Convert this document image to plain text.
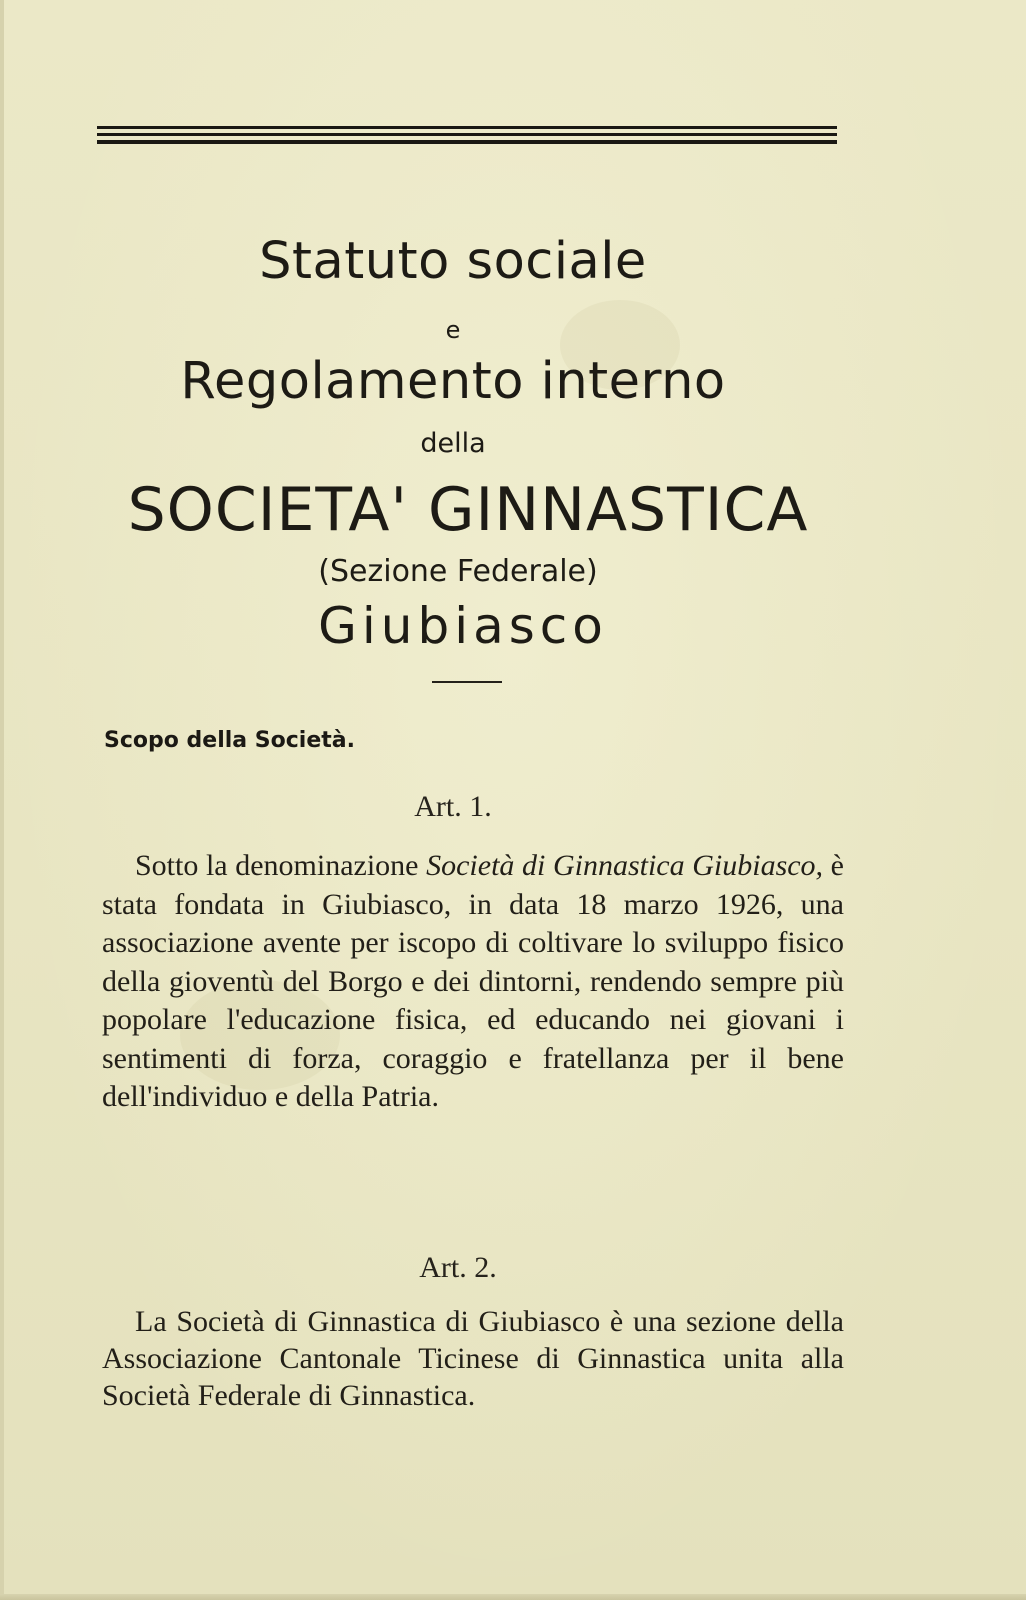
Statuto sociale
e
Regolamento interno
della
SOCIETA' GINNASTICA
(Sezione Federale)
Giubiasco
Scopo della Società.
Art. 1.
Sotto la denominazione Società di Ginnastica Giubiasco, è stata fondata in Giubiasco, in data 18 marzo 1926, una associazione avente per iscopo di coltivare lo sviluppo fisico della gioventù del Borgo e dei dintorni, rendendo sempre più popolare l'educazione fisica, ed educando nei giovani i sentimenti di forza, coraggio e fratellanza per il bene dell'individuo e della Patria.
Art. 2.
La Società di Ginnastica di Giubiasco è una sezione della Associazione Cantonale Ticinese di Ginnastica unita alla Società Federale di Ginnastica.
